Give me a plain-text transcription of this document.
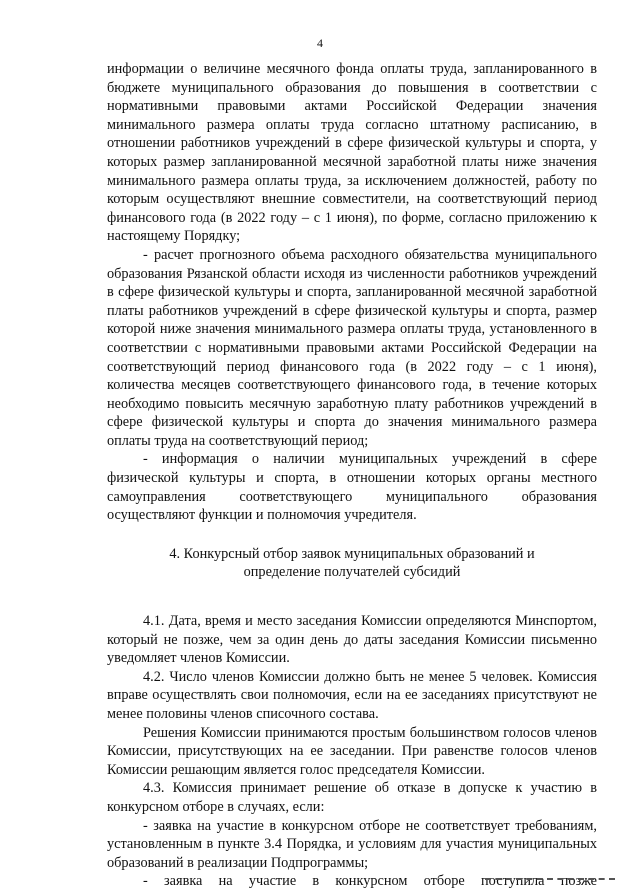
4

информации о величине месячного фонда оплаты труда, запланированного в бюджете муниципального образования до повышения в соответствии с нормативными правовыми актами Российской Федерации значения минимального размера оплаты труда согласно штатному расписанию, в отношении работников учреждений в сфере физической культуры и спорта, у которых размер запланированной месячной заработной платы ниже значения минимального размера оплаты труда, за исключением должностей, работу по которым осуществляют внешние совместители, на соответствующий период финансового года (в 2022 году – с 1 июня), по форме, согласно приложению к настоящему Порядку;

- расчет прогнозного объема расходного обязательства муниципального образования Рязанской области исходя из численности работников учреждений в сфере физической культуры и спорта, запланированной месячной заработной платы работников учреждений в сфере физической культуры и спорта, размер которой ниже значения минимального размера оплаты труда, установленного в соответствии с нормативными правовыми актами Российской Федерации на соответствующий период финансового года (в 2022 году – с 1 июня), количества месяцев соответствующего финансового года, в течение которых необходимо повысить месячную заработную плату работников учреждений в сфере физической культуры и спорта до значения минимального размера оплаты труда на соответствующий период;

- информация о наличии муниципальных учреждений в сфере физической культуры и спорта, в отношении которых органы местного самоуправления соответствующего муниципального образования осуществляют функции и полномочия учредителя.

4. Конкурсный отбор заявок муниципальных образований и
определение получателей субсидий

4.1. Дата, время и место заседания Комиссии определяются Минспортом, который не позже, чем за один день до даты заседания Комиссии письменно уведомляет членов Комиссии.

4.2. Число членов Комиссии должно быть не менее 5 человек. Комиссия вправе осуществлять свои полномочия, если на ее заседаниях присутствуют не менее половины членов списочного состава.

Решения Комиссии принимаются простым большинством голосов членов Комиссии, присутствующих на ее заседании. При равенстве голосов членов Комиссии решающим является голос председателя Комиссии.

4.3. Комиссия принимает решение об отказе в допуске к участию в конкурсном отборе в случаях, если:

- заявка на участие в конкурсном отборе не соответствует требованиям, установленным в пункте 3.4 Порядка, и условиям для участия муниципальных образований в реализации Подпрограммы;

- заявка на участие в конкурсном отборе поступила позже
